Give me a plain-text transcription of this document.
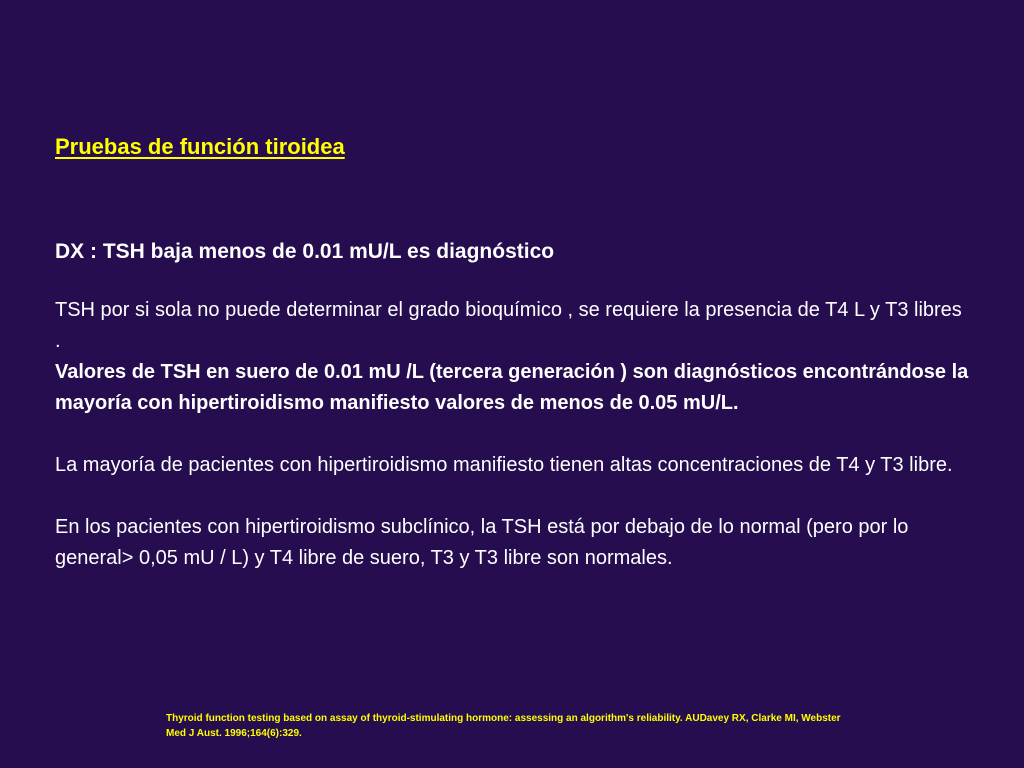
Pruebas de función tiroidea

DX : TSH baja menos de 0.01 mU/L es diagnóstico

TSH por si sola no puede determinar el grado bioquímico , se requiere la presencia de T4 L y T3 libres .

Valores de TSH en suero de 0.01 mU /L (tercera generación ) son diagnósticos encontrándose la mayoría con hipertiroidismo manifiesto valores de menos de 0.05 mU/L.

La mayoría de pacientes con hipertiroidismo manifiesto tienen altas concentraciones de T4 y T3 libre.

En los pacientes con hipertiroidismo subclínico, la TSH está por debajo de lo normal (pero por lo general> 0,05 mU / L) y T4 libre de suero, T3 y T3 libre son normales.

Thyroid function testing based on assay of thyroid-stimulating hormone: assessing an algorithm's reliability. AUDavey RX, Clarke MI, Webster
Med J Aust. 1996;164(6):329.
